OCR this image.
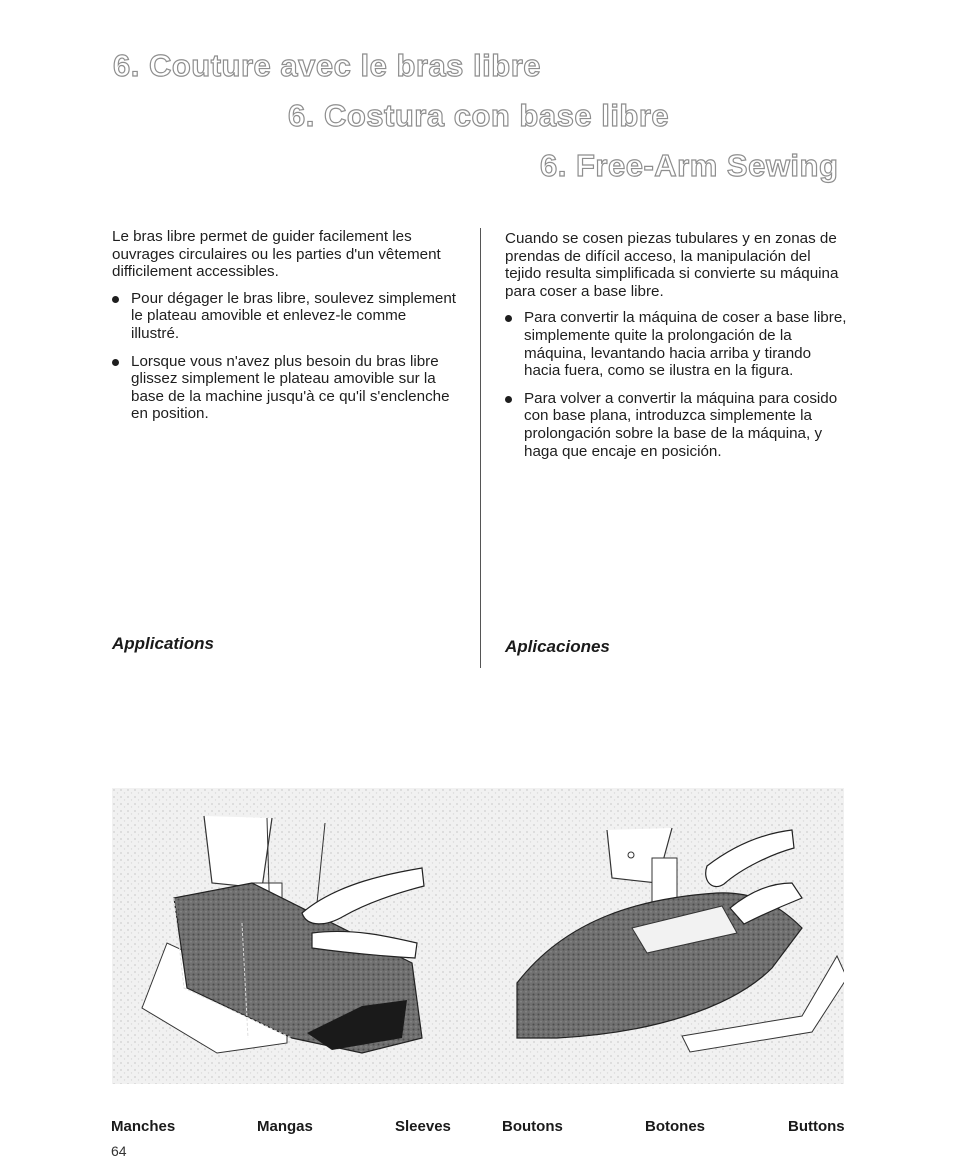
6. Couture avec le bras libre
6. Costura con base libre
6. Free-Arm Sewing

Le bras libre permet de guider facilement les ouvrages circulaires ou les parties d'un vêtement difficilement accessibles.

Pour dégager le bras libre, soulevez simplement le plateau amovible et enlevez-le comme illustré.
Lorsque vous n'avez plus besoin du bras libre glissez simplement le plateau amovible sur la base de la machine jusqu'à ce qu'il s'enclenche en position.

Cuando se cosen piezas tubulares y en zonas de prendas de difícil acceso, la manipulación del tejido resulta simplificada si convierte su máquina para coser a base libre.

Para convertir la máquina de coser a base libre, simplemente quite la prolongación de la máquina, levantando hacia arriba y tirando hacia fuera, como se ilustra en la figura.
Para volver a convertir la máquina para cosido con base plana, introduzca simplemente la prolongación sobre la base de la máquina, y haga que encaje en posición.
Applications	Aplicaciones
Manches	Mangas	Sleeves	Boutons	Botones	Buttons
64
